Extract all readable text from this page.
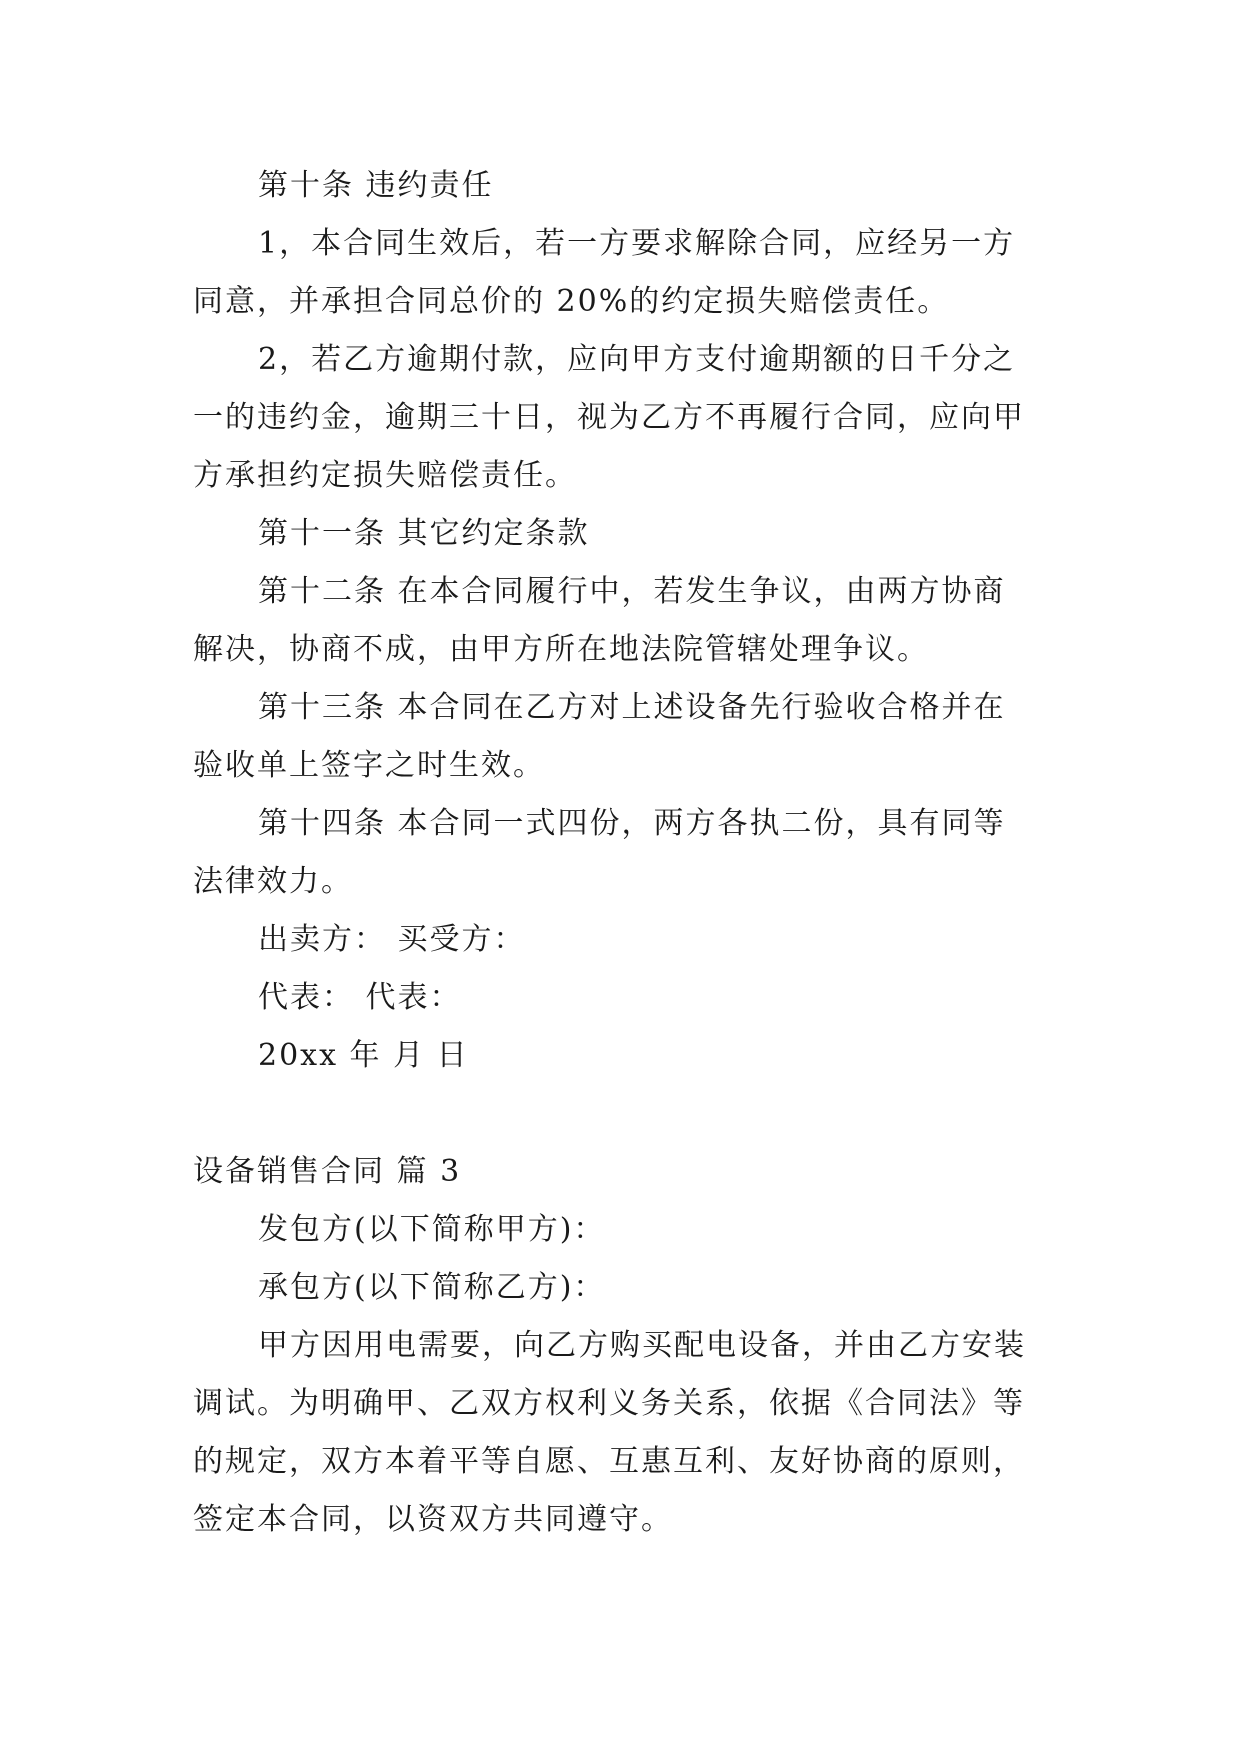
第十条 违约责任
1，本合同生效后，若一方要求解除合同，应经另一方
同意，并承担合同总价的 20%的约定损失赔偿责任。
2，若乙方逾期付款，应向甲方支付逾期额的日千分之
一的违约金，逾期三十日，视为乙方不再履行合同，应向甲
方承担约定损失赔偿责任。
第十一条 其它约定条款
第十二条 在本合同履行中，若发生争议，由两方协商
解决，协商不成，由甲方所在地法院管辖处理争议。
第十三条 本合同在乙方对上述设备先行验收合格并在
验收单上签字之时生效。
第十四条 本合同一式四份，两方各执二份，具有同等
法律效力。
出卖方： 买受方：
代表： 代表：
20xx 年 月 日
设备销售合同 篇 3
发包方(以下简称甲方)：
承包方(以下简称乙方)：
甲方因用电需要，向乙方购买配电设备，并由乙方安装
调试。为明确甲、乙双方权利义务关系，依据《合同法》等
的规定，双方本着平等自愿、互惠互利、友好协商的原则，
签定本合同，以资双方共同遵守。
